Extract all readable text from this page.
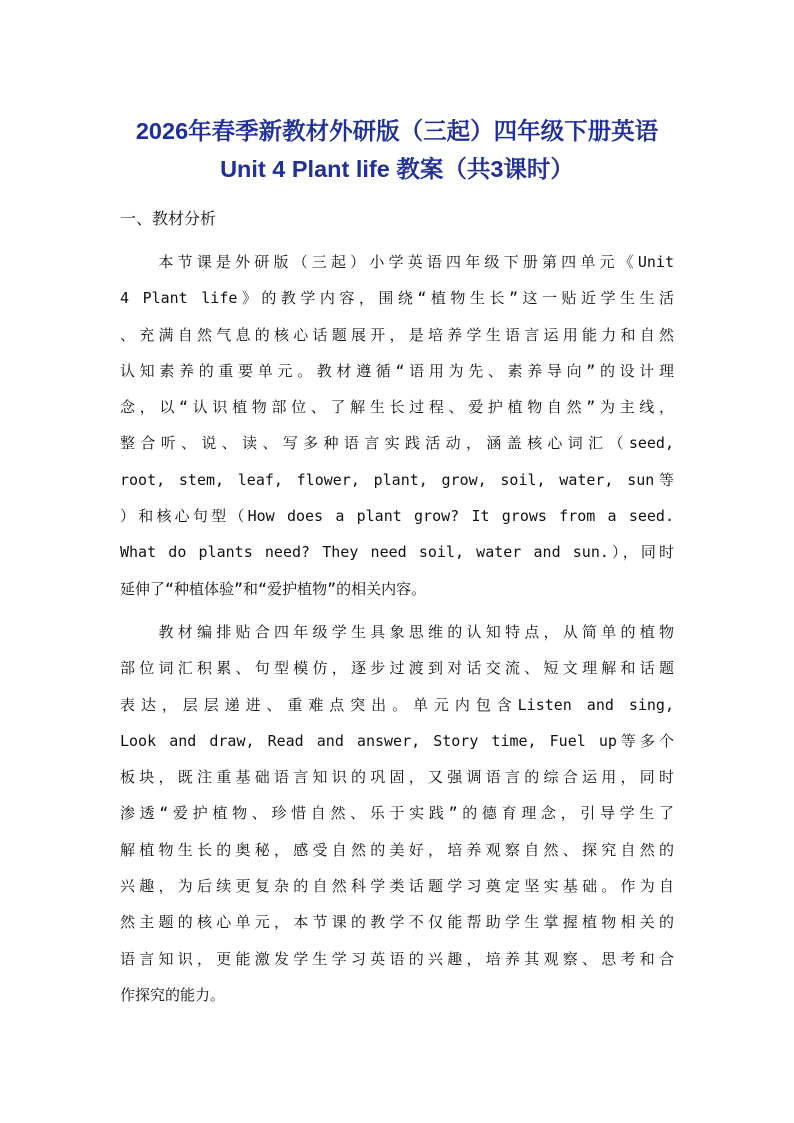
2026年春季新教材外研版（三起）四年级下册英语
Unit 4 Plant life 教案（共3课时）
一、教材分析

　　本节课是外研版（三起）小学英语四年级下册第四单元《Unit

4 Plant life》的教学内容，围绕“植物生长”这一贴近学生生活

、充满自然气息的核心话题展开，是培养学生语言运用能力和自然

认知素养的重要单元。教材遵循“语用为先、素养导向”的设计理

念，以“认识植物部位、了解生长过程、爱护植物自然”为主线，

整合听、说、读、写多种语言实践活动，涵盖核心词汇（seed,

root, stem, leaf, flower, plant, grow, soil, water, sun等

）和核心句型（How does a plant grow? It grows from a seed.

What do plants need? They need soil, water and sun.），同时

延伸了“种植体验”和“爱护植物”的相关内容。

　　教材编排贴合四年级学生具象思维的认知特点，从简单的植物

部位词汇积累、句型模仿，逐步过渡到对话交流、短文理解和话题

表达，层层递进、重难点突出。单元内包含Listen and sing,

Look and draw, Read and answer, Story time, Fuel up等多个

板块，既注重基础语言知识的巩固，又强调语言的综合运用，同时

渗透“爱护植物、珍惜自然、乐于实践”的德育理念，引导学生了

解植物生长的奥秘，感受自然的美好，培养观察自然、探究自然的

兴趣，为后续更复杂的自然科学类话题学习奠定坚实基础。作为自

然主题的核心单元，本节课的教学不仅能帮助学生掌握植物相关的

语言知识，更能激发学生学习英语的兴趣，培养其观察、思考和合

作探究的能力。
